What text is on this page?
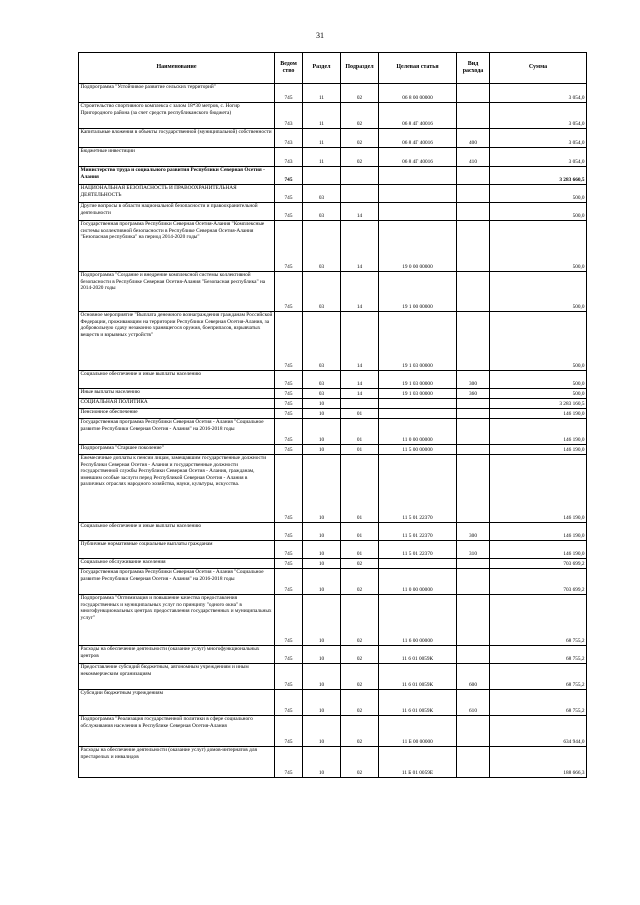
31
Наименование	Ведом ство	Раздел	Подраздел	Целевая статья	Вид расхода	Сумма
Подпрограмма "Устойчивое развитие сельских территорий"	745	11	02	06 8 00 00000		3 054,0
Строительство спортивного комплекса с залом 18*30 метров, с. Ногир Пригородного района (за счет средств республиканского бюджета)	743	11	02	06 8 4Г 40016		3 054,0
Капитальные вложения в объекты государственной (муниципальной) собственности	743	11	02	06 8 4Г 40016	400	3 054,0
Бюджетные инвестиции	743	11	02	06 8 4Г 40016	410	3 054,0
Министерство труда и социального развития Республики Северная Осетия - Алания	745					3 283 660,5
НАЦИОНАЛЬНАЯ БЕЗОПАСНОСТЬ И ПРАВООХРАНИТЕЛЬНАЯ ДЕЯТЕЛЬНОСТЬ	745	03				500,0
Другие вопросы в области национальной безопасности и правоохранительной деятельности	745	03	14			500,0
Государственная программа Республики Северная Осетия-Алания "Комплексные системы коллективной безопасности в Республике Северная Осетия-Алания "Безопасная республика" на период 2014-2020 годы"	745	03	14	19 0 00 00000		500,0
Подпрограмма "Создание и внедрение комплексной системы коллективной безопасности в Республике Северная Осетия-Алания "Безопасная республика" на 2014-2020 годы	745	03	14	19 1 00 00000		500,0
Основное мероприятие "Выплата денежного вознаграждения гражданам Российской Федерации, проживающим на территории Республики Северная Осетия-Алания, за добровольную сдачу незаконно хранящегося оружия, боеприпасов, взрывчатых веществ и взрывных устройств"	745	03	14	19 1 03 00000		500,0
Социальное обеспечение и иные выплаты населению	745	03	14	19 1 03 00000	300	500,0
Иные выплаты населению	745	03	14	19 1 03 00000	360	500,0
СОЦИАЛЬНАЯ ПОЛИТИКА	745	10				3 283 160,5
Пенсионное обеспечение	745	10	01			146 190,0
Государственная программа Республики Северная Осетия - Алания "Социальное развитие Республики Северная Осетия - Алания" на 2016-2018 годы	745	10	01	11 0 00 00000		146 190,0
Подпрограмма "Старшее поколение"	745	10	01	11 5 00 00000		146 190,0
Ежемесячные доплаты к пенсии лицам, замещавшим государственные должности Республики Северная Осетия - Алания и государственные должности государственной службы Республики Северная Осетия - Алания, гражданам, имевшим особые заслуги перед Республикой Северная Осетия - Алания в различных отраслях народного хозяйства, науки, культуры, искусства.	745	10	01	11 5 01 22370		146 190,0
Социальное обеспечение и иные выплаты населению	745	10	01	11 5 01 22370	300	146 190,0
Публичные нормативные социальные выплаты гражданам	745	10	01	11 5 01 22370	310	146 190,0
Социальное обслуживание населения	745	10	02			703 699,2
Государственная программа Республики Северная Осетия - Алания "Социальное развитие Республики Северная Осетия - Алания" на 2016-2018 годы	745	10	02	11 0 00 00000		703 699,2
Подпрограмма "Оптимизация и повышение качества предоставления государственных и муниципальных услуг по принципу "одного окна" в многофункциональных центрах предоставления государственных и муниципальных услуг"	745	10	02	11 6 00 00000		68 755,2
Расходы на обеспечение деятельности (оказание услуг) многофункциональных центров	745	10	02	11 6 01 0059К		68 755,2
Предоставление субсидий бюджетным, автономным учреждениям и иным некоммерческим организациям	745	10	02	11 6 01 0059К	600	68 755,2
Субсидии бюджетным учреждениям	745	10	02	11 6 01 0059К	610	68 755,2
Подпрограмма "Реализация государственной политики в сфере социального обслуживания населения в Республике Северная Осетия-Алания	745	10	02	11 Б 00 00000		634 944,0
Расходы на обеспечение деятельности (оказание услуг) домов-интернатов для престарелых и инвалидов	745	10	02	11 Б 01 0059Е		188 666,3
